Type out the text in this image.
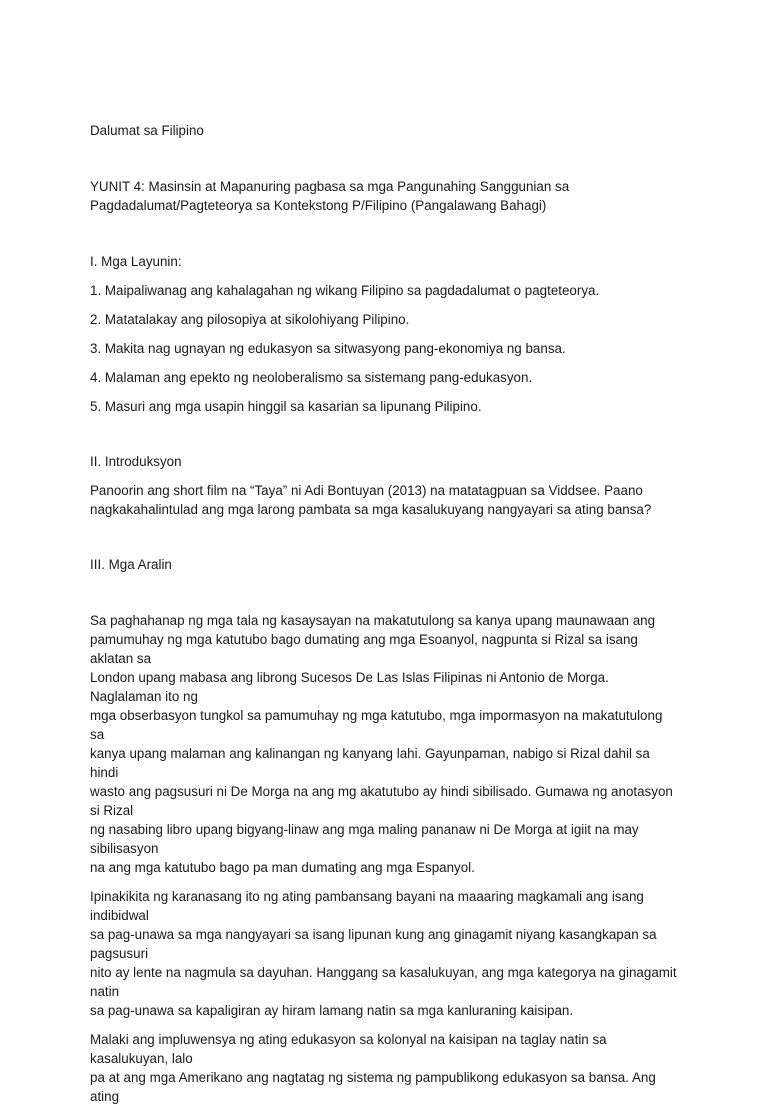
Dalumat sa Filipino

YUNIT 4: Masinsin at Mapanuring pagbasa sa mga Pangunahing Sanggunian sa
Pagdadalumat/Pagteteorya sa Kontekstong P/Filipino (Pangalawang Bahagi)

I. Mga Layunin:

1. Maipaliwanag ang kahalagahan ng wikang Filipino sa pagdadalumat o pagteteorya.

2. Matatalakay ang pilosopiya at sikolohiyang Pilipino.

3. Makita nag ugnayan ng edukasyon sa sitwasyong pang-ekonomiya ng bansa.

4. Malaman ang epekto ng neoloberalismo sa sistemang pang-edukasyon.

5. Masuri ang mga usapin hinggil sa kasarian sa lipunang Pilipino.

II. Introduksyon

Panoorin ang short film na “Taya” ni Adi Bontuyan (2013) na matatagpuan sa Viddsee. Paano
nagkakahalintulad ang mga larong pambata sa mga kasalukuyang nangyayari sa ating bansa?

III. Mga Aralin

Sa paghahanap ng mga tala ng kasaysayan na makatutulong sa kanya upang maunawaan ang
pamumuhay ng mga katutubo bago dumating ang mga Esoanyol, nagpunta si Rizal sa isang aklatan sa
London upang mabasa ang librong Sucesos De Las Islas Filipinas ni Antonio de Morga. Naglalaman ito ng
mga obserbasyon tungkol sa pamumuhay ng mga katutubo, mga impormasyon na makatutulong sa
kanya upang malaman ang kalinangan ng kanyang lahi. Gayunpaman, nabigo si Rizal dahil sa hindi
wasto ang pagsusuri ni De Morga na ang mg akatutubo ay hindi sibilisado. Gumawa ng anotasyon si Rizal
ng nasabing libro upang bigyang-linaw ang mga maling pananaw ni De Morga at igiit na may sibilisasyon
na ang mga katutubo bago pa man dumating ang mga Espanyol.

Ipinakikita ng karanasang ito ng ating pambansang bayani na maaaring magkamali ang isang indibidwal
sa pag-unawa sa mga nangyayari sa isang lipunan kung ang ginagamit niyang kasangkapan sa pagsusuri
nito ay lente na nagmula sa dayuhan. Hanggang sa kasalukuyan, ang mga kategorya na ginagamit natin
sa pag-unawa sa kapaligiran ay hiram lamang natin sa mga kanluraning kaisipan.

Malaki ang impluwensya ng ating edukasyon sa kolonyal na kaisipan na taglay natin sa kasalukuyan, lalo
pa at ang mga Amerikano ang nagtatag ng sistema ng pampublikong edukasyon sa bansa. Ang ating
